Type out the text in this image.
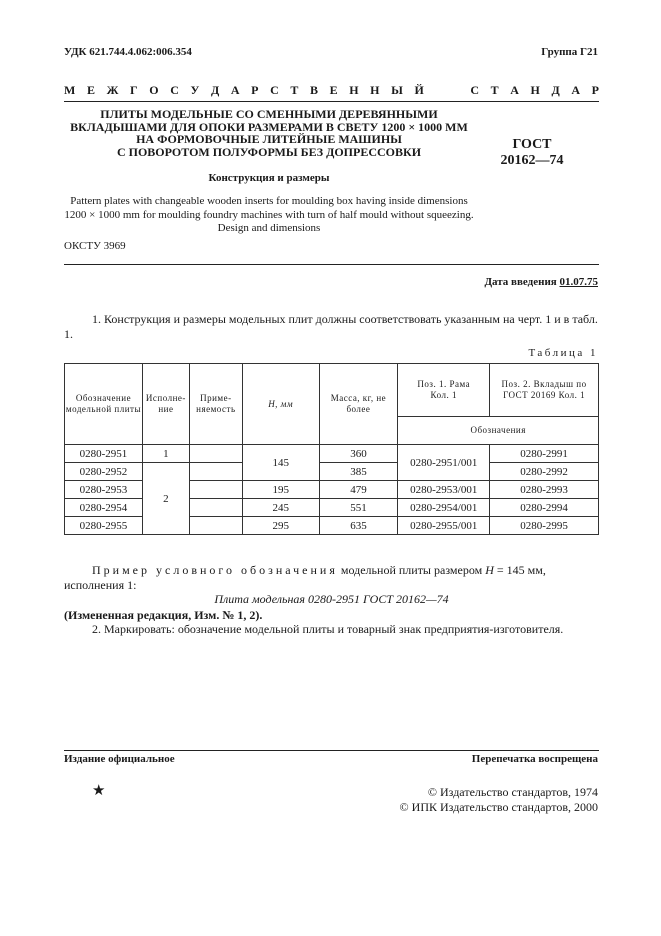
УДК 621.744.4.062:006.354	Группа Г21
М Е Ж Г О С У Д А Р С Т В Е Н Н Ы Й	С Т А Н Д А Р
ПЛИТЫ МОДЕЛЬНЫЕ СО СМЕННЫМИ ДЕРЕВЯННЫМИ
ВКЛАДЫШАМИ ДЛЯ ОПОКИ РАЗМЕРАМИ В СВЕТУ 1200 × 1000 ММ
НА ФОРМОВОЧНЫЕ ЛИТЕЙНЫЕ МАШИНЫ
С ПОВОРОТОМ ПОЛУФОРМЫ БЕЗ ДОПРЕССОВКИ	ГОСТ
20162—74
Конструкция и размеры
Pattern plates with changeable wooden inserts for moulding box having inside dimensions 1200 × 1000 mm for moulding foundry machines with turn of half mould without squeezing. Design and dimensions
ОКСТУ 3969
Дата введения 01.07.75
1. Конструкция и размеры модельных плит должны соответствовать указанным на черт. 1 и в табл. 1.
Таблица 1
Обозначение модельной плиты	Исполне-ние	Приме-няемость	H, мм	Масса, кг, не более	Поз. 1. Рама Кол. 1	Поз. 2. Вкладыш по ГОСТ 20169 Кол. 1
					Обозначения	
0280-2951	1		145	360	0280-2951/001	0280-2991
0280-2952	2			385		0280-2992
0280-2953			195	479	0280-2953/001	0280-2993
0280-2954			245	551	0280-2954/001	0280-2994
0280-2955			295	635	0280-2955/001	0280-2995
Пример условного обозначения модельной плиты размером H = 145 мм, исполнения 1:
Плита модельная 0280-2951 ГОСТ 20162—74
(Измененная редакция, Изм. № 1, 2).
2. Маркировать: обозначение модельной плиты и товарный знак предприятия-изготовителя.
Издание официальное	Перепечатка воспрещена
★	© Издательство стандартов, 1974
© ИПК Издательство стандартов, 2000
